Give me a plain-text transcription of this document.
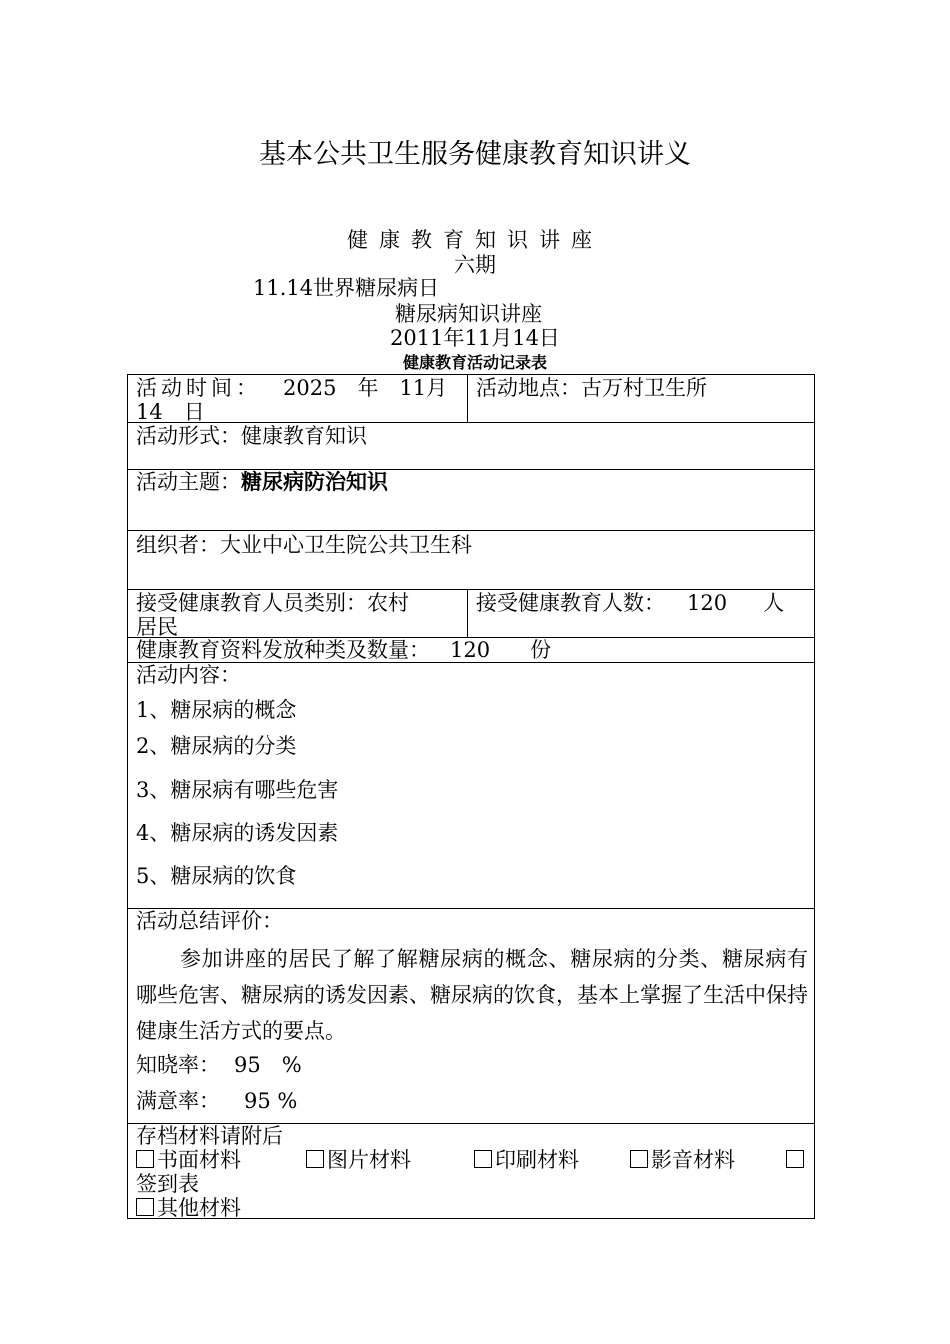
基本公共卫生服务健康教育知识讲义
健康教育知识讲座
六期
11.14世界糖尿病日
糖尿病知识讲座
2011年11月14日
健康教育活动记录表
活动时间： 2025　年　11月
14　日
活动地点：古万村卫生所
活动形式：健康教育知识
活动主题：糖尿病防治知识
组织者：大业中心卫生院公共卫生科
接受健康教育人员类别：农村
居民
接受健康教育人数： 120 人
健康教育资料发放种类及数量： 120 份
活动内容：
1、糖尿病的概念
2、糖尿病的分类
3、糖尿病有哪些危害
4、糖尿病的诱发因素
5、糖尿病的饮食
活动总结评价：
参加讲座的居民了解了解糖尿病的概念、糖尿病的分类、糖尿病有哪些危害、糖尿病的诱发因素、糖尿病的饮食，基本上掌握了生活中保持健康生活方式的要点。
知晓率： 95　%
满意率： 95 %
存档材料请附后
书面材料	图片材料	印刷材料	影音材料
签到表
其他材料
